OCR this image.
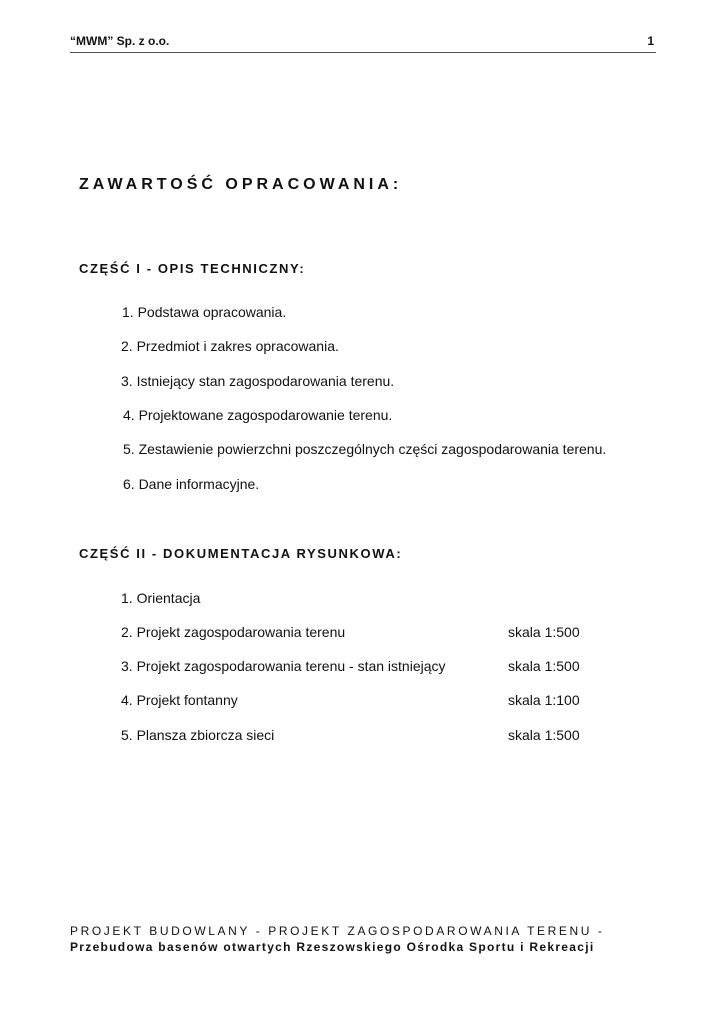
“MWM” Sp. z o.o.	1
ZAWARTOŚĆ OPRACOWANIA:
CZĘŚĆ I - OPIS TECHNICZNY:
1. Podstawa opracowania.
2. Przedmiot i zakres opracowania.
3. Istniejący stan zagospodarowania terenu.
4. Projektowane zagospodarowanie terenu.
5. Zestawienie powierzchni poszczególnych części zagospodarowania terenu.
6. Dane informacyjne.
CZĘŚĆ II - DOKUMENTACJA RYSUNKOWA:
1. Orientacja
2. Projekt zagospodarowania terenu	skala 1:500
3. Projekt zagospodarowania terenu - stan istniejący	skala 1:500
4. Projekt fontanny	skala 1:100
5. Plansza zbiorcza sieci	skala 1:500
PROJEKT BUDOWLANY - PROJEKT ZAGOSPODAROWANIA TERENU -
Przebudowa basenów otwartych Rzeszowskiego Ośrodka Sportu i Rekreacji
